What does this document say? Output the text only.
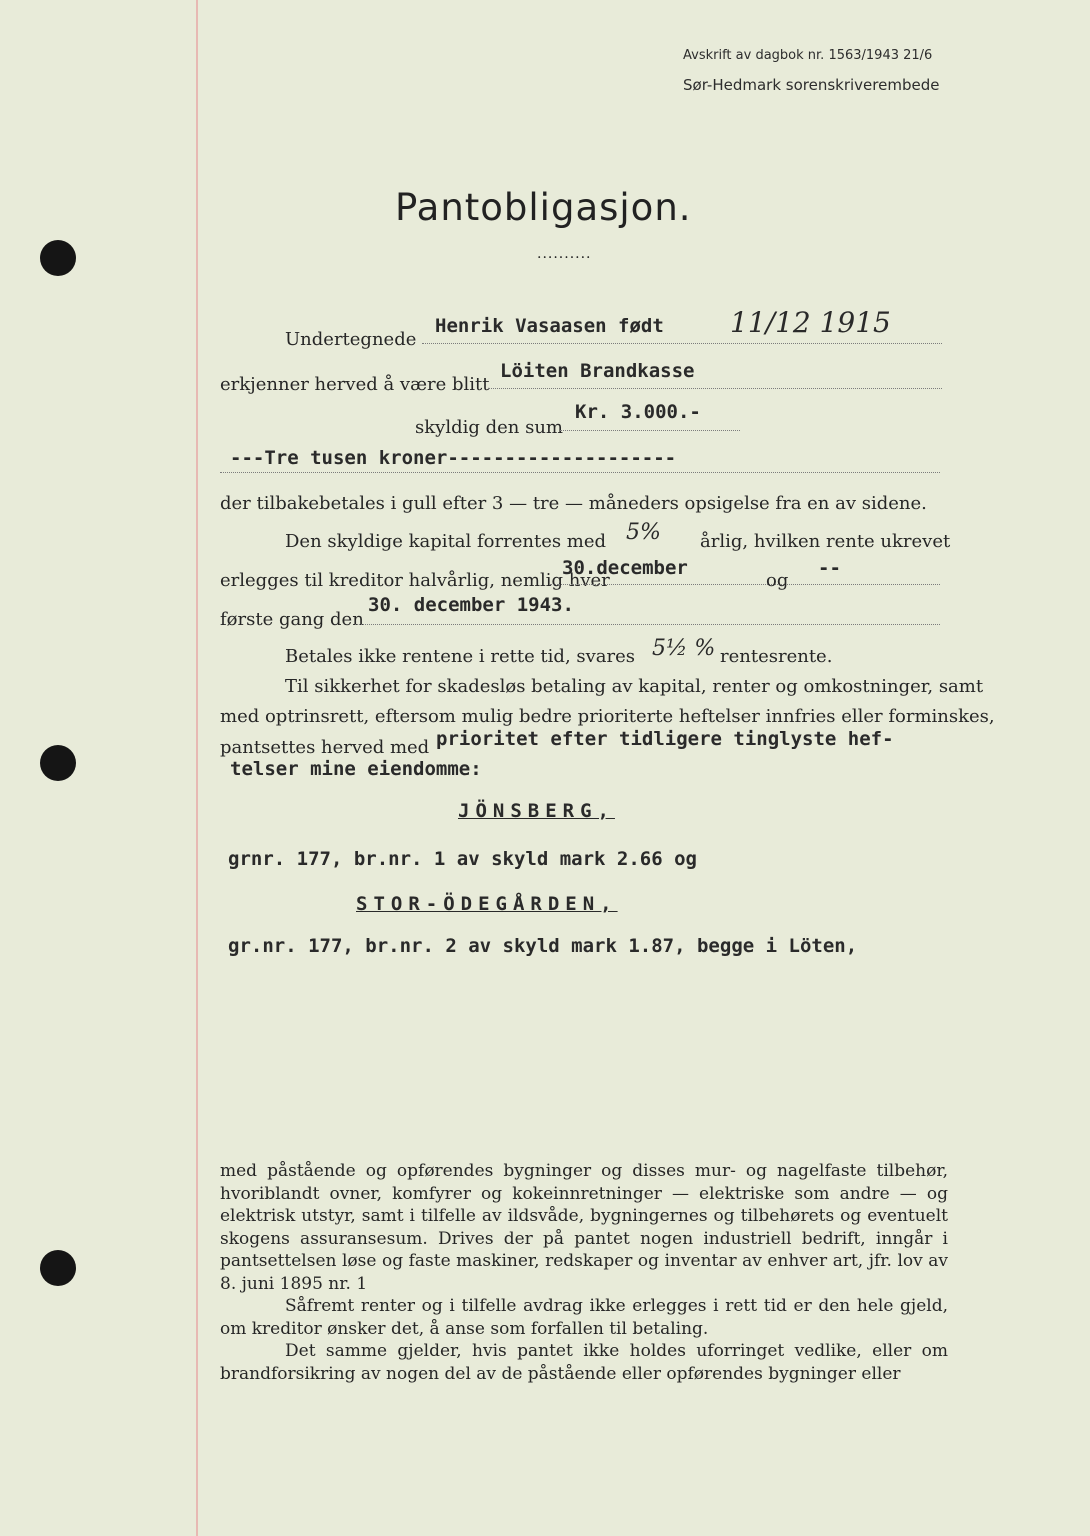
Avskrift av dagbok nr. 1563/1943 21/6
Sør-Hedmark sorenskriverembede
Pantobligasjon.
..........
Undertegnede
Henrik Vasaasen født 11/12 1915
erkjenner herved å være blitt
Löiten Brandkasse
skyldig den sum
Kr. 3.000.-
---Tre tusen kroner--------------------
der tilbakebetales i gull efter 3 — tre — måneders opsigelse fra en av sidene.
Den skyldige kapital forrentes med 5% årlig, hvilken rente ukrevet
erlegges til kreditor halvårlig, nemlig hver
30.december
og
--
første gang den
30. december 1943.
Betales ikke rentene i rette tid, svares 5½ % rentesrente.
Til sikkerhet for skadesløs betaling av kapital, renter og omkostninger, samt
med optrinsrett, eftersom mulig bedre prioriterte heftelser innfries eller forminskes,
pantsettes herved med prioritet efter tidligere tinglyste hef-
telser mine eiendomme:
JÖNSBERG,
grnr. 177, br.nr. 1 av skyld mark 2.66 og
STOR-ÖDEGÅRDEN,
gr.nr. 177, br.nr. 2 av skyld mark 1.87, begge i Löten,

med påstående og opførendes bygninger og disses mur- og nagelfaste tilbehør, hvoriblandt ovner, komfyrer og kokeinnretninger — elektriske som andre — og elektrisk utstyr, samt i tilfelle av ildsvåde, bygningernes og tilbehørets og eventuelt skogens assuransesum. Drives der på pantet nogen industriell bedrift, inngår i pantsettelsen løse og faste maskiner, redskaper og inventar av enhver art, jfr. lov av 8. juni 1895 nr. 1

Såfremt renter og i tilfelle avdrag ikke erlegges i rett tid er den hele gjeld, om kreditor ønsker det, å anse som forfallen til betaling.

Det samme gjelder, hvis pantet ikke holdes uforringet vedlike, eller om brandforsikring av nogen del av de påstående eller opførendes bygninger eller
